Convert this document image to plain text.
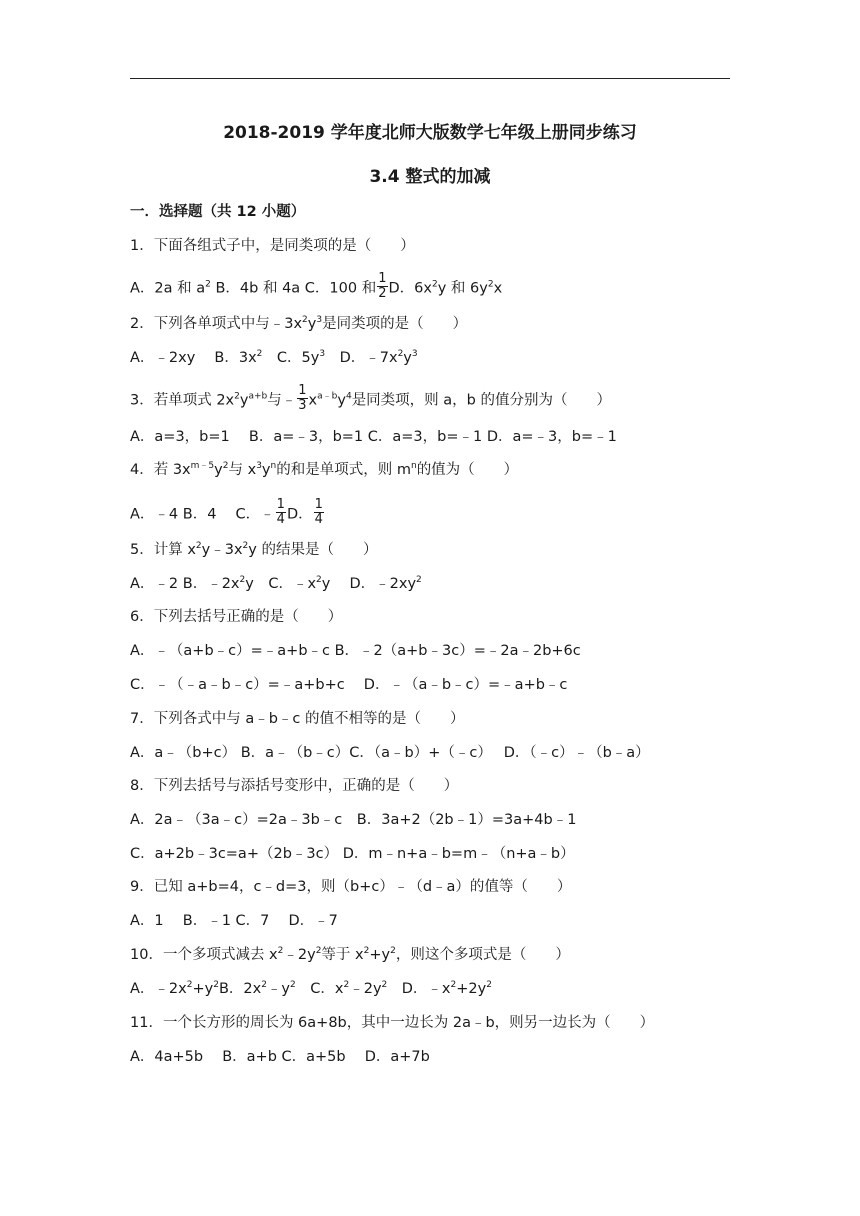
2018-2019 学年度北师大版数学七年级上册同步练习
3.4 整式的加减
一．选择题（共 12 小题）
1．下面各组式子中，是同类项的是（　　）
A．2a 和 $a^2$ B．4b 和 4a C．100 和 $\frac{1}{2}$ D．$6x^2y$ 和 $6y^2x$
2．下列各单项式中与$﹣3x^2y^3$是同类项的是（　　）
A．﹣2xy　 B．$3x^2$　C．$5y^3$　D．$﹣7x^2y^3$
3．若单项式 $2x^2y^{a+b}$与﹣ $\frac{1}{3} x^{a﹣b}y^4$是同类项，则 a，b 的值分别为（　　）
A．a=3，b=1　 B．a=﹣3，b=1 C．a=3，b=﹣1 D．a=﹣3，b=﹣1
4．若 $3x^{m﹣5}y^2$与 $x^3y^n$的和是单项式，则 $m^n$的值为（　　）
A．﹣4 B．4　 C．﹣ $\frac{1}{4}$ D． $\frac{1}{4}$
5．计算 $x^2y﹣3x^2y$ 的结果是（　　）
A．﹣2 B．$﹣2x^2y$　C．$﹣x^2y$　 D．$﹣2xy^2$
6．下列去括号正确的是（　　）
A．﹣（a+b﹣c）=﹣a+b﹣c B．﹣2（a+b﹣3c）=﹣2a﹣2b+6c
C．﹣（﹣a﹣b﹣c）=﹣a+b+c　 D．﹣（a﹣b﹣c）=﹣a+b﹣c
7．下列各式中与 a﹣b﹣c 的值不相等的是（　　）
A．a﹣（b+c） B．a﹣（b﹣c）C．（a﹣b）+（﹣c）　 D．（﹣c）﹣（b﹣a）
8．下列去括号与添括号变形中，正确的是（　　）
A．2a﹣（3a﹣c）=2a﹣3b﹣c　B．3a+2（2b﹣1）=3a+4b﹣1
C．a+2b﹣3c=a+（2b﹣3c） D．m﹣n+a﹣b=m﹣（n+a﹣b）
9．已知 a+b=4，c﹣d=3，则（b+c）﹣（d﹣a）的值等（　　）
A．1　 B．﹣1 C．7　 D．﹣7
10．一个多项式减去 $x^2﹣2y^2$等于 $x^2+y^2$，则这个多项式是（　　）
A．$﹣2x^2+y^2B$．$2x^2﹣y^2$　C．$x^2﹣2y^2$　D．$﹣x^2+2y^2$
11．一个长方形的周长为 6a+8b，其中一边长为 2a﹣b，则另一边长为（　　）
A．4a+5b　 B．a+b C．a+5b　 D．a+7b
